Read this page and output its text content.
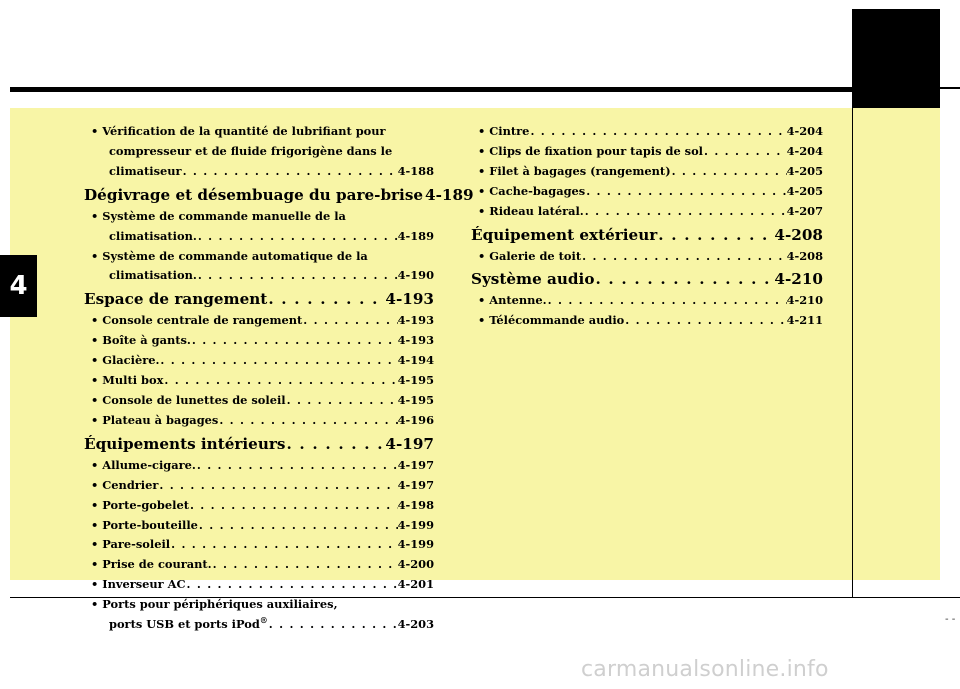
4
- -
carmanualsonline.info
• Vérification de la quantité de lubrifiant pour
compresseur et de fluide frigorigène dans le
climatiseur . . .	4-188
Dégivrage et désembuage du pare-brise . . . 4-189
• Système de commande manuelle de la
climatisation. . . .	4-189
• Système de commande automatique de la
climatisation. . . .	4-190
Espace de rangement . . .	4-193
• Console centrale de rangement . . .	4-193
• Boîte à gants. . . .	4-193
• Glacière. . . .	4-194
• Multi box . . .	4-195
• Console de lunettes de soleil . . .	4-195
• Plateau à bagages . . .	4-196
Équipements intérieurs . . .	4-197
• Allume-cigare. . . .	4-197
• Cendrier . . .	4-197
• Porte-gobelet . . .	4-198
• Porte-bouteille . . .	4-199
• Pare-soleil . . .	4-199
• Prise de courant. . . .	4-200
• Inverseur AC . . .	4-201
• Ports pour périphériques auxiliaires,
ports USB et ports iPod® . . .	4-203
• Cintre . . .	4-204
• Clips de fixation pour tapis de sol . . .	4-204
• Filet à bagages (rangement) . . .	4-205
• Cache-bagages . . .	4-205
• Rideau latéral. . . .	4-207
Équipement extérieur . . .	4-208
• Galerie de toit . . .	4-208
Système audio . . .	4-210
• Antenne. . . .	4-210
• Télécommande audio . . .	4-211
